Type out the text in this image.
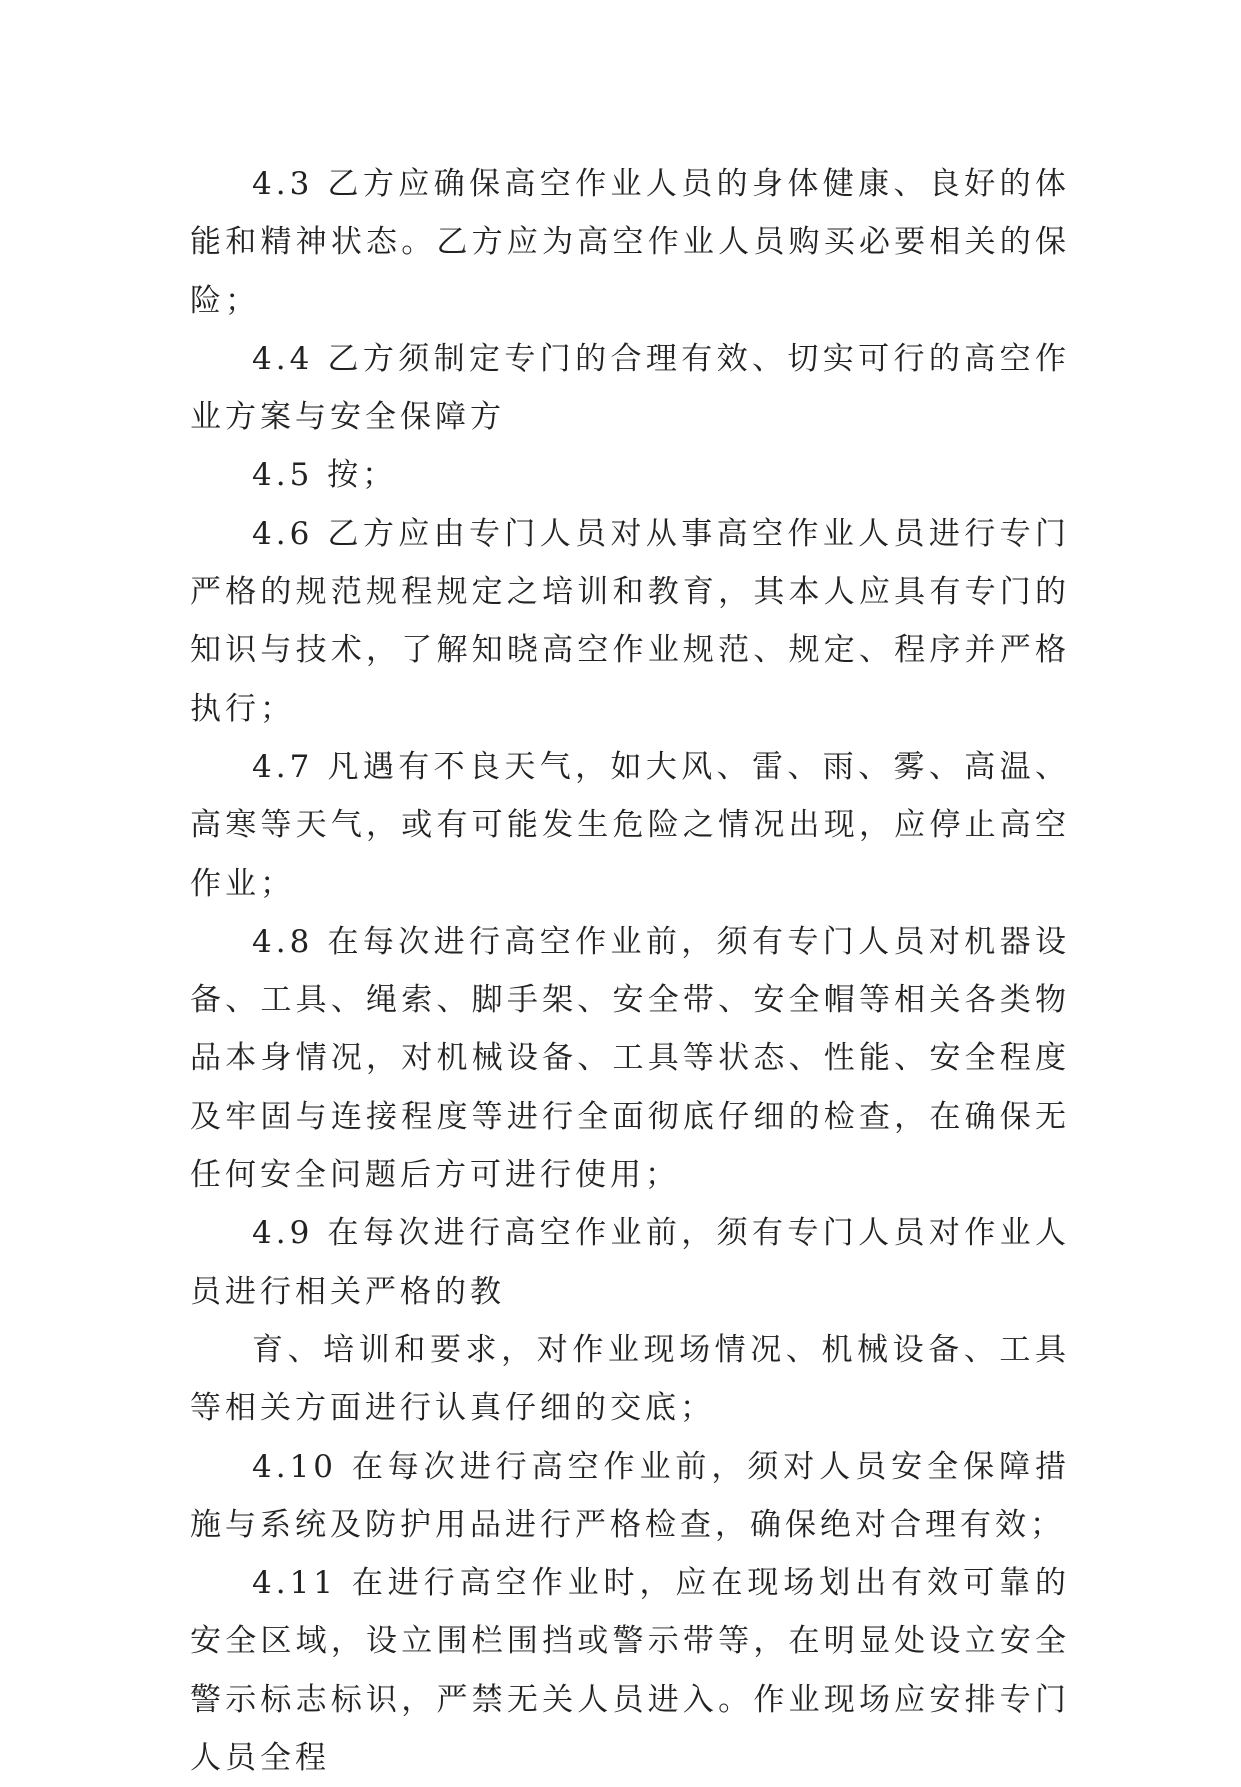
4.3 乙方应确保高空作业人员的身体健康、良好的体能和精神状态。乙方应为高空作业人员购买必要相关的保险；

4.4 乙方须制定专门的合理有效、切实可行的高空作业方案与安全保障方

4.5 按；

4.6 乙方应由专门人员对从事高空作业人员进行专门严格的规范规程规定之培训和教育，其本人应具有专门的知识与技术，了解知晓高空作业规范、规定、程序并严格执行；

4.7 凡遇有不良天气，如大风、雷、雨、雾、高温、高寒等天气，或有可能发生危险之情况出现，应停止高空作业；

4.8 在每次进行高空作业前，须有专门人员对机器设备、工具、绳索、脚手架、安全带、安全帽等相关各类物品本身情况，对机械设备、工具等状态、性能、安全程度及牢固与连接程度等进行全面彻底仔细的检查，在确保无任何安全问题后方可进行使用；

4.9 在每次进行高空作业前，须有专门人员对作业人员进行相关严格的教

育、培训和要求，对作业现场情况、机械设备、工具等相关方面进行认真仔细的交底；

4.10 在每次进行高空作业前，须对人员安全保障措施与系统及防护用品进行严格检查，确保绝对合理有效；

4.11 在进行高空作业时，应在现场划出有效可靠的安全区域，设立围栏围挡或警示带等，在明显处设立安全警示标志标识，严禁无关人员进入。作业现场应安排专门人员全程
